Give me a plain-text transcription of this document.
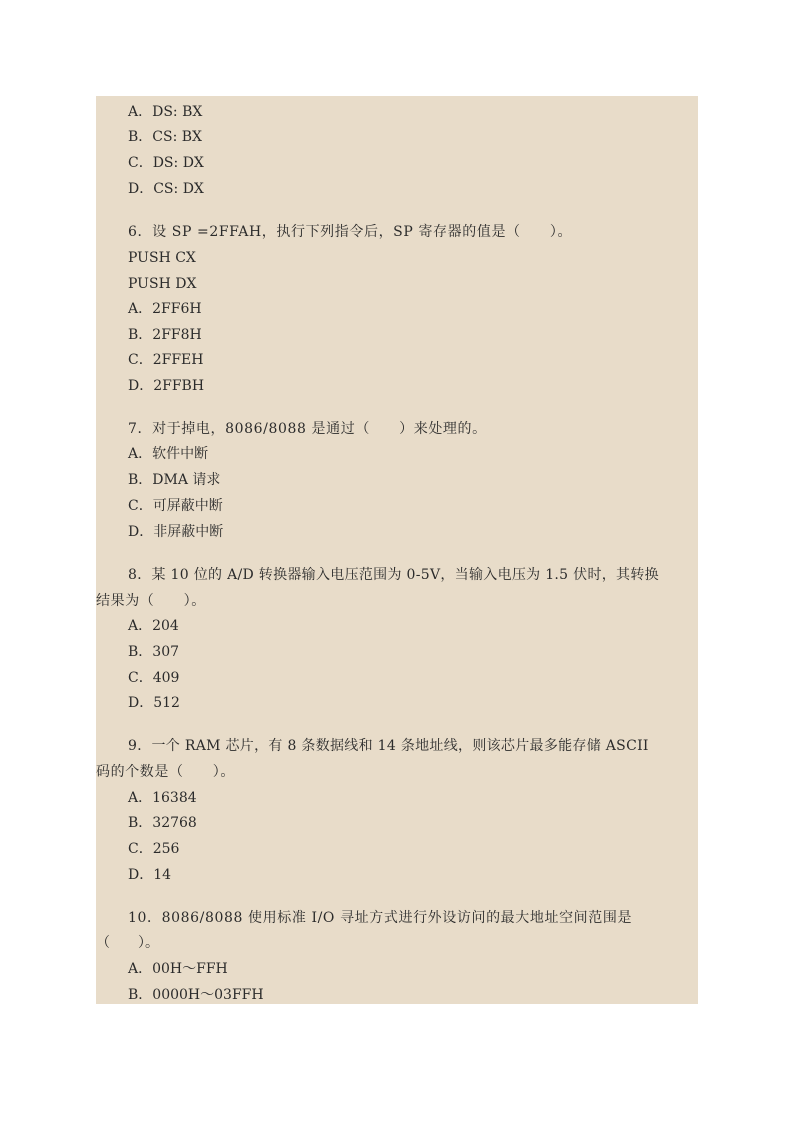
A．DS: BX
B．CS: BX
C．DS: DX
D．CS: DX
6．设 SP =2FFAH，执行下列指令后，SP 寄存器的值是（　　）。
PUSH CX
PUSH DX
A．2FF6H
B．2FF8H
C．2FFEH
D．2FFBH
7．对于掉电，8086/8088 是通过（　　）来处理的。
A．软件中断
B．DMA 请求
C．可屏蔽中断
D．非屏蔽中断
8．某 10 位的 A/D 转换器输入电压范围为 0-5V，当输入电压为 1.5 伏时，其转换
结果为（　　）。
A．204
B．307
C．409
D．512
9．一个 RAM 芯片，有 8 条数据线和 14 条地址线，则该芯片最多能存储 ASCII
码的个数是（　　）。
A．16384
B．32768
C．256
D．14
10．8086/8088 使用标准 I/O 寻址方式进行外设访问的最大地址空间范围是
（　　）。
A．00H～FFH
B．0000H～03FFH
